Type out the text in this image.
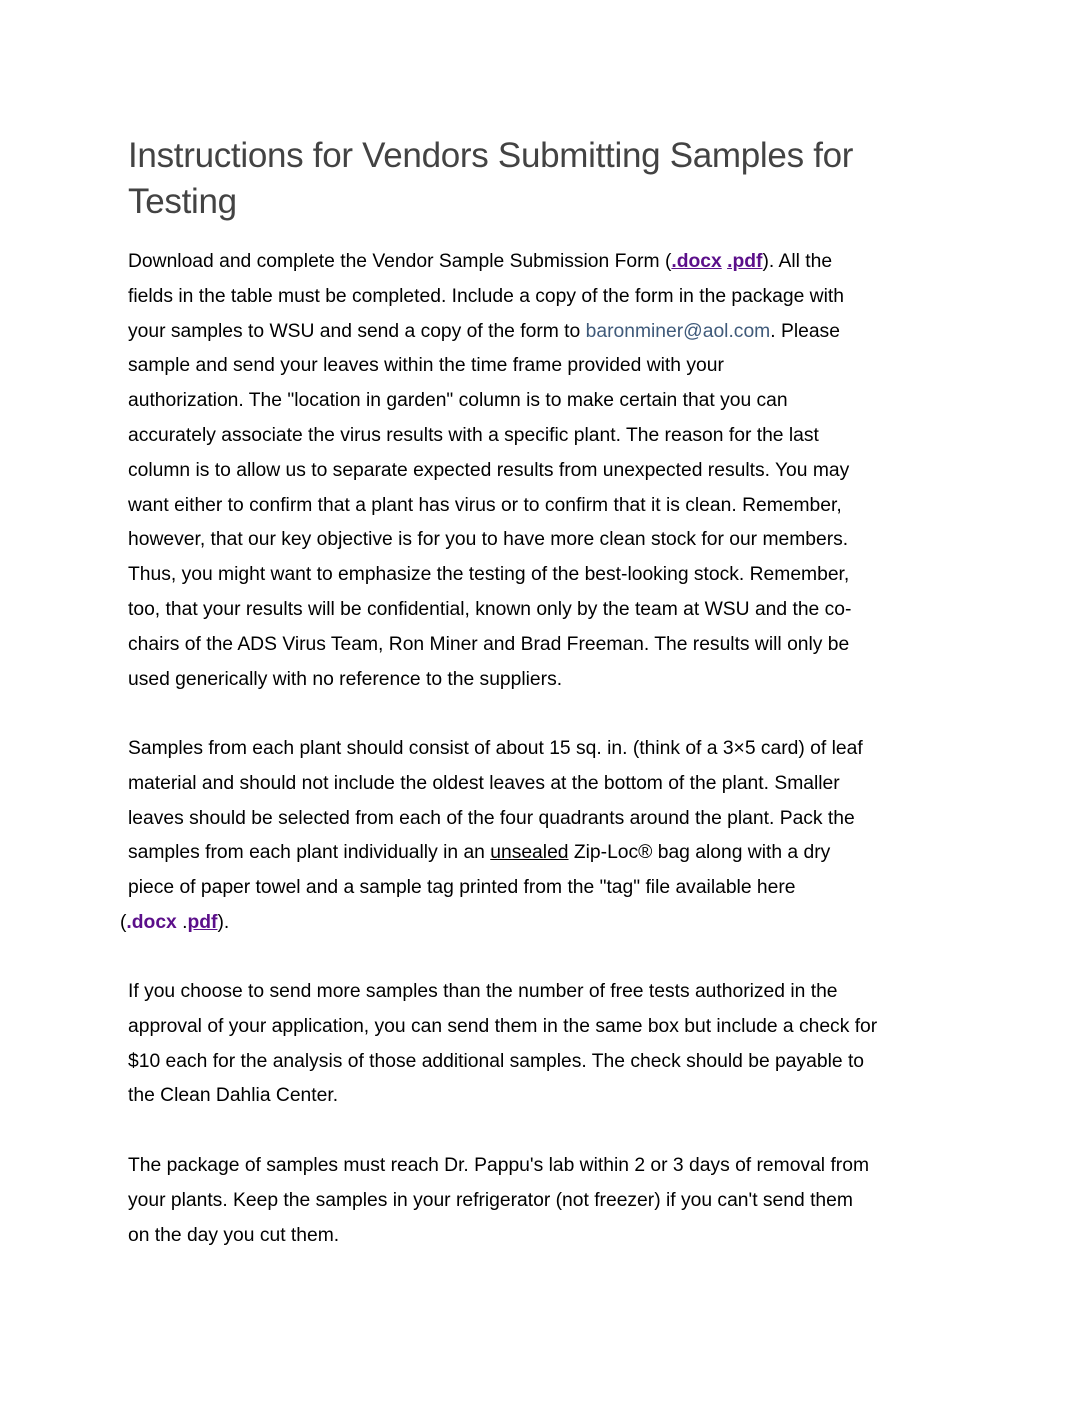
Instructions for Vendors Submitting Samples for
Testing

Download and complete the Vendor Sample Submission Form (.docx .pdf). All the
fields in the table must be completed. Include a copy of the form in the package with
your samples to WSU and send a copy of the form to baronminer@aol.com. Please
sample and send your leaves within the time frame provided with your
authorization. The "location in garden" column is to make certain that you can
accurately associate the virus results with a specific plant. The reason for the last
column is to allow us to separate expected results from unexpected results. You may
want either to confirm that a plant has virus or to confirm that it is clean. Remember,
however, that our key objective is for you to have more clean stock for our members.
Thus, you might want to emphasize the testing of the best-looking stock. Remember,
too, that your results will be confidential, known only by the team at WSU and the co-
chairs of the ADS Virus Team, Ron Miner and Brad Freeman. The results will only be
used generically with no reference to the suppliers.

Samples from each plant should consist of about 15 sq. in. (think of a 3×5 card) of leaf
material and should not include the oldest leaves at the bottom of the plant. Smaller
leaves should be selected from each of the four quadrants around the plant. Pack the
samples from each plant individually in an unsealed Zip-Loc® bag along with a dry
piece of paper towel and a sample tag printed from the "tag" file available here
(.docx .pdf).

If you choose to send more samples than the number of free tests authorized in the
approval of your application, you can send them in the same box but include a check for
$10 each for the analysis of those additional samples. The check should be payable to
the Clean Dahlia Center.

The package of samples must reach Dr. Pappu's lab within 2 or 3 days of removal from
your plants. Keep the samples in your refrigerator (not freezer) if you can't send them
on the day you cut them.
